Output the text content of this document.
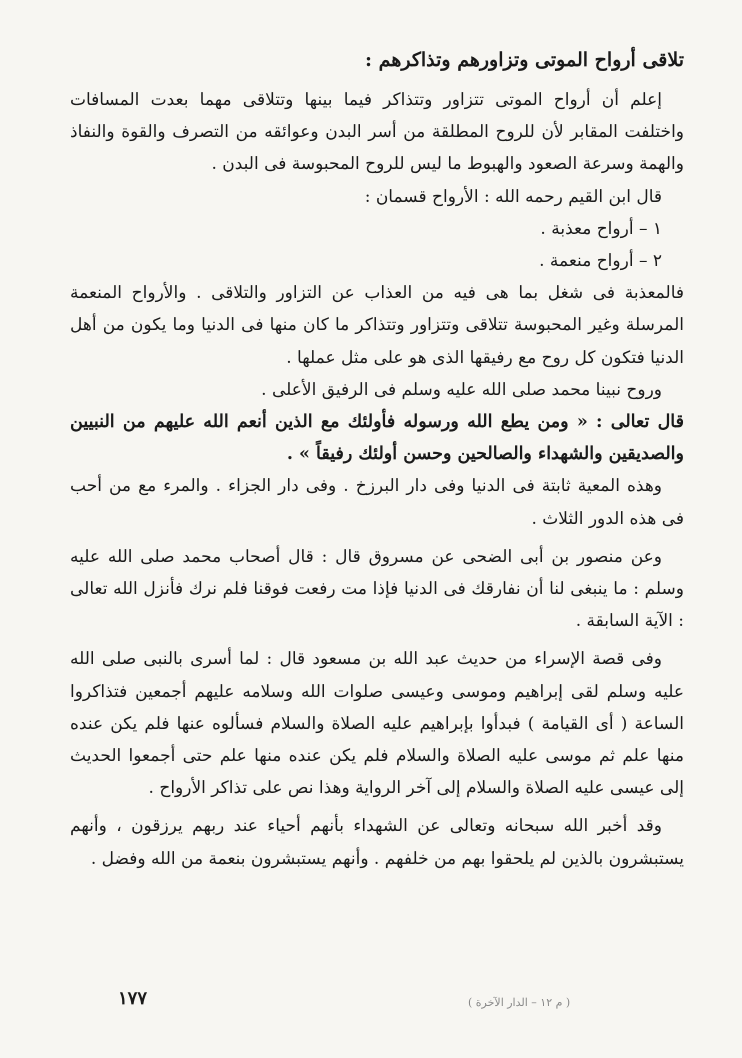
تلاقى أرواح الموتى وتزاورهم وتذاكرهم :

إعلم أن أرواح الموتى تتزاور وتتذاكر فيما بينها وتتلاقى مهما بعدت المسافات واختلفت المقابر لأن للروح المطلقة من أسر البدن وعوائقه من التصرف والقوة والنفاذ والهمة وسرعة الصعود والهبوط ما ليس للروح المحبوسة فى البدن .

قال ابن القيم رحمه الله : الأرواح قسمان :

١ – أرواح معذبة .

٢ – أرواح منعمة .

فالمعذبة فى شغل بما هى فيه من العذاب عن التزاور والتلاقى . والأرواح المنعمة المرسلة وغير المحبوسة تتلاقى وتتزاور وتتذاكر ما كان منها فى الدنيا وما يكون من أهل الدنيا فتكون كل روح مع رفيقها الذى هو على مثل عملها .

وروح نبينا محمد صلى الله عليه وسلم فى الرفيق الأعلى .

قال تعالى : « ومن يطع الله ورسوله فأولئك مع الذين أنعم الله عليهم من النبيين والصديقين والشهداء والصالحين وحسن أولئك رفيقاً » .

وهذه المعية ثابتة فى الدنيا وفى دار البرزخ . وفى دار الجزاء . والمرء مع من أحب فى هذه الدور الثلاث .

وعن منصور بن أبى الضحى عن مسروق قال : قال أصحاب محمد صلى الله عليه وسلم : ما ينبغى لنا أن نفارقك فى الدنيا فإذا مت رفعت فوقنا فلم نرك فأنزل الله تعالى : الآية السابقة .

وفى قصة الإسراء من حديث عبد الله بن مسعود قال : لما أسرى بالنبى صلى الله عليه وسلم لقى إبراهيم وموسى وعيسى صلوات الله وسلامه عليهم أجمعين فتذاكروا الساعة ( أى القيامة ) فبدأوا بإبراهيم عليه الصلاة والسلام فسألوه عنها فلم يكن عنده منها علم ثم موسى عليه الصلاة والسلام فلم يكن عنده منها علم حتى أجمعوا الحديث إلى عيسى عليه الصلاة والسلام إلى آخر الرواية وهذا نص على تذاكر الأرواح .

وقد أخبر الله سبحانه وتعالى عن الشهداء بأنهم أحياء عند ربهم يرزقون ، وأنهم يستبشرون بالذين لم يلحقوا بهم من خلفهم . وأنهم يستبشرون بنعمة من الله وفضل .

١٧٧	( م ١٢ – الدار الآخرة )
